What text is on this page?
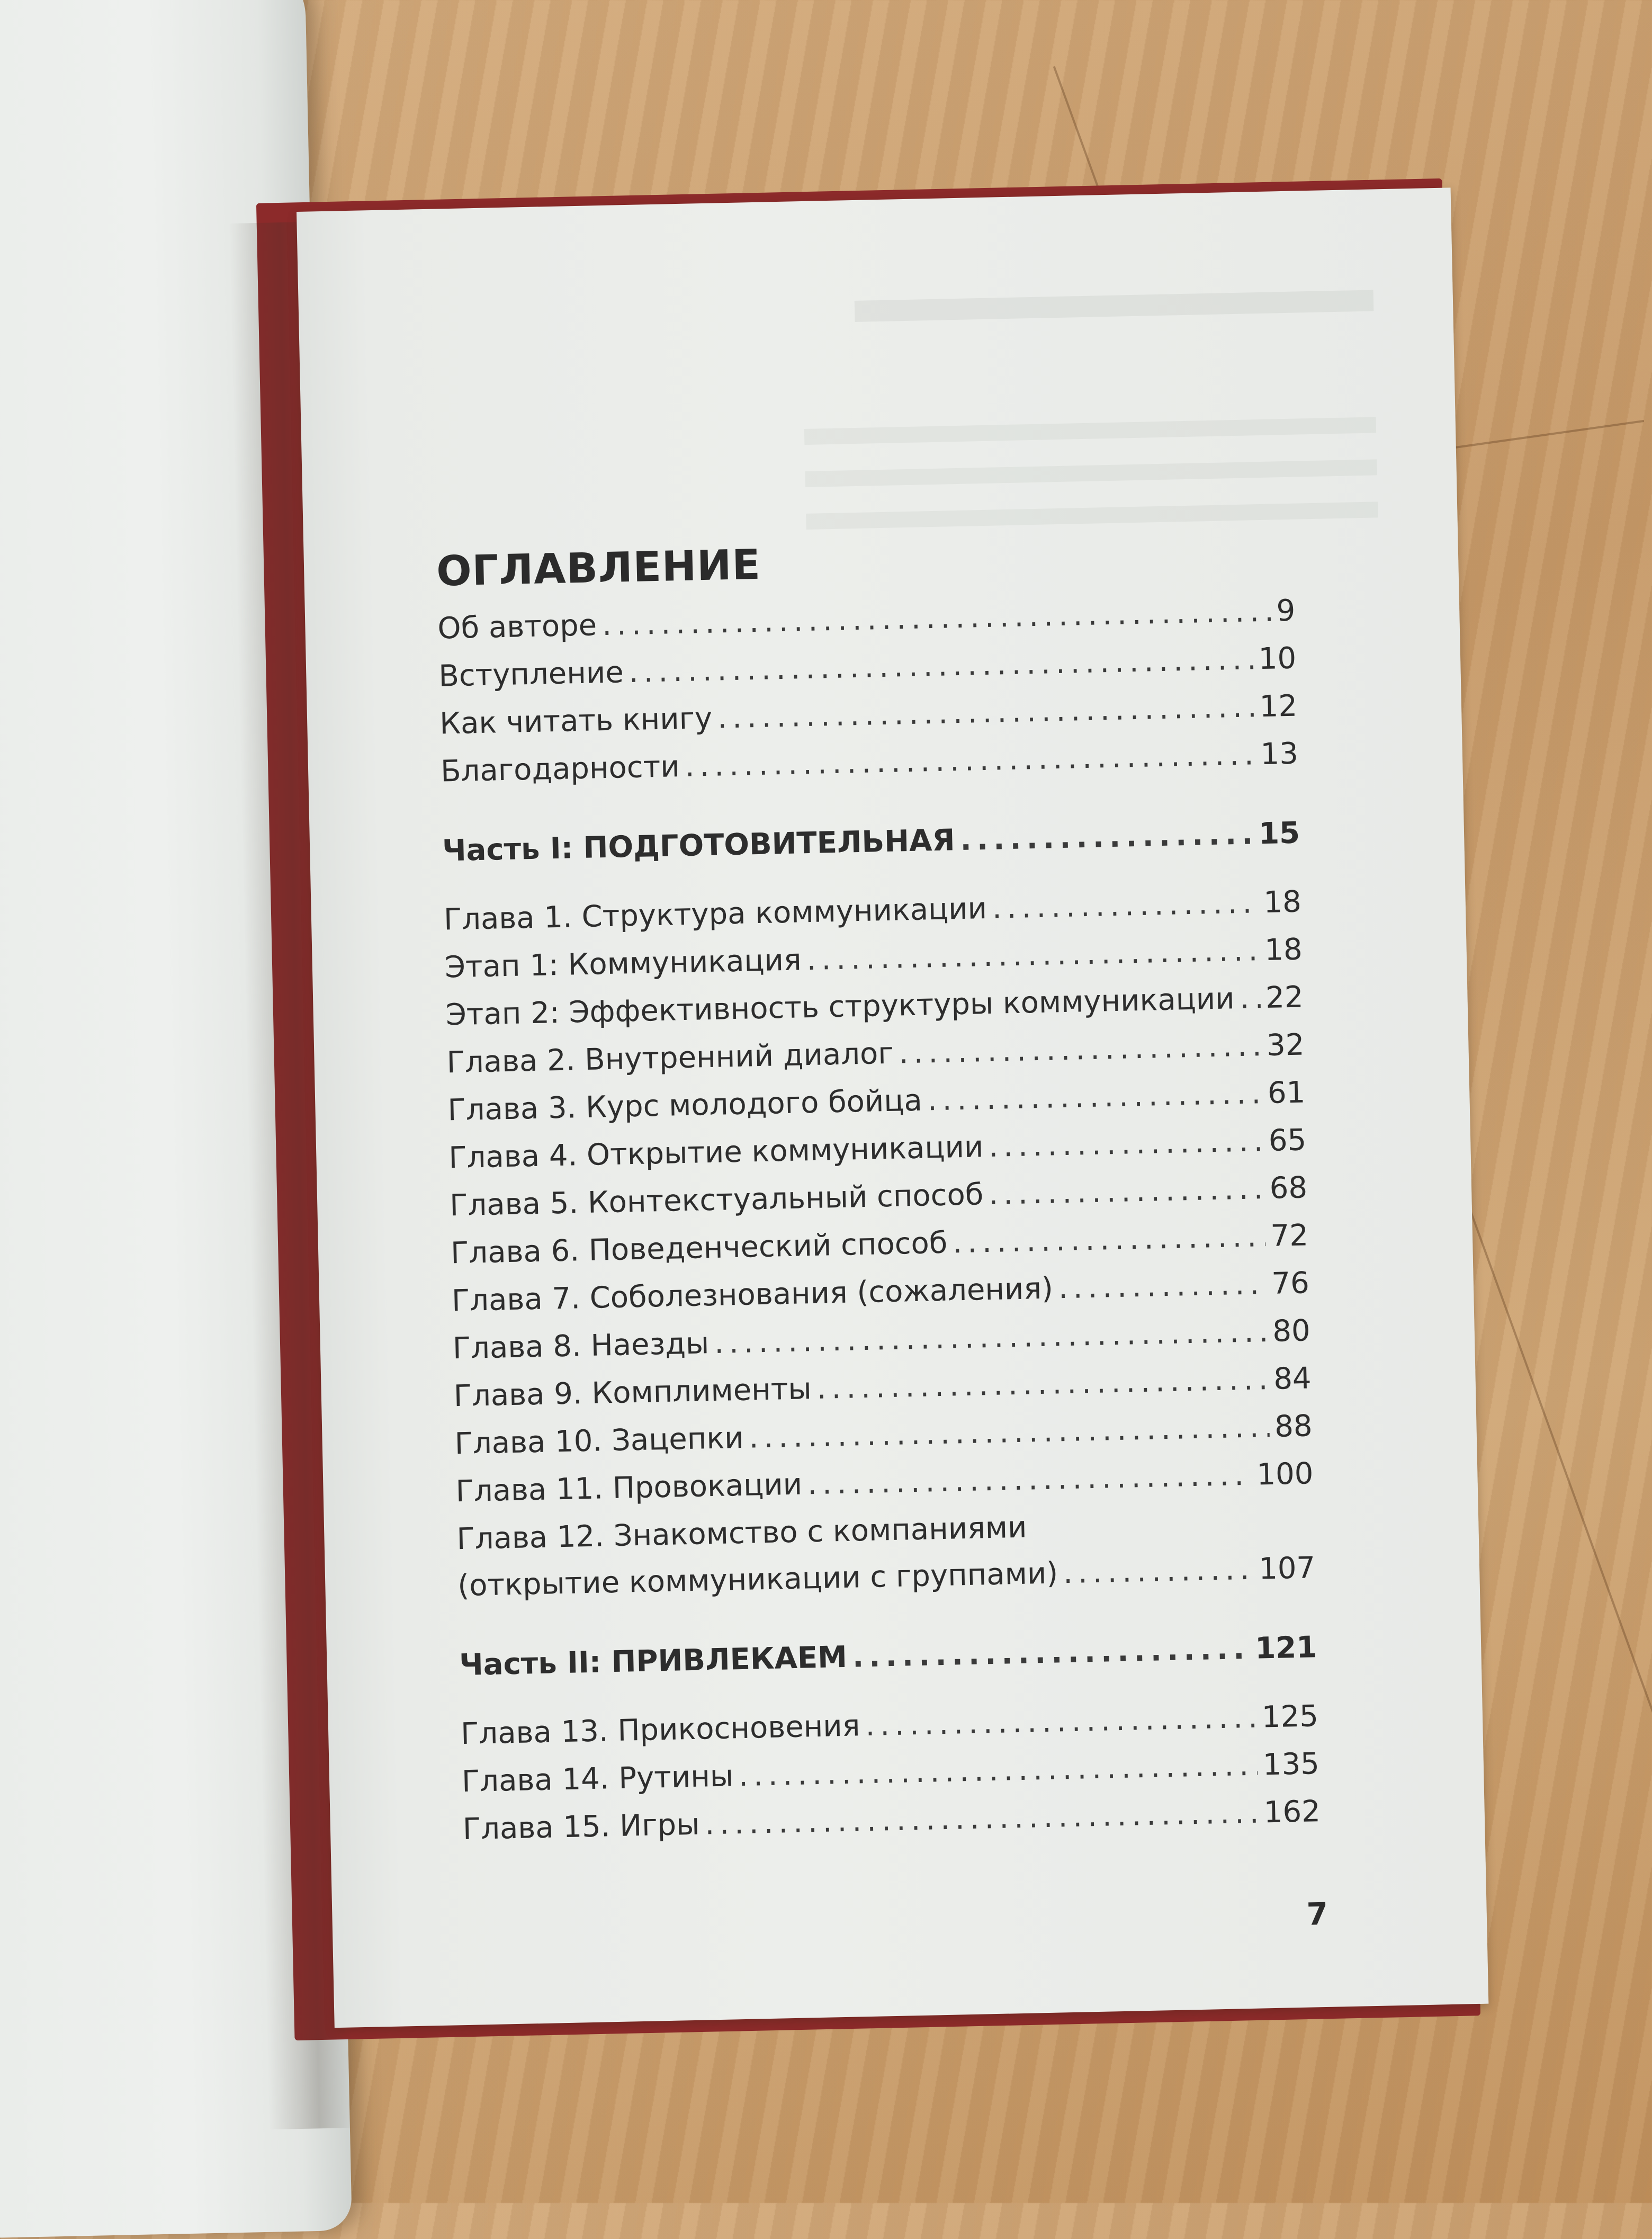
ОГЛАВЛЕНИЕ
Об авторе .....	9
Вступление .....	10
Как читать книгу .....	12
Благодарности .....	13
Часть I: ПОДГОТОВИТЕЛЬНАЯ .....	15
Глава 1. Структура коммуникации .....	18
Этап 1: Коммуникация .....	18
Этап 2: Эффективность структуры коммуникации ..... 22
Глава 2. Внутренний диалог .....	32
Глава 3. Курс молодого бойца .....	61
Глава 4. Открытие коммуникации .....	65
Глава 5. Контекстуальный способ .....	68
Глава 6. Поведенческий способ .....	72
Глава 7. Соболезнования (сожаления) .....	76
Глава 8. Наезды .....	80
Глава 9. Комплименты .....	84
Глава 10. Зацепки .....	88
Глава 11. Провокации .....	100
Глава 12. Знакомство с компаниями
(открытие коммуникации с группами) .....	107
Часть II: ПРИВЛЕКАЕМ .....	121
Глава 13. Прикосновения .....	125
Глава 14. Рутины .....	135
Глава 15. Игры .....	162
7
